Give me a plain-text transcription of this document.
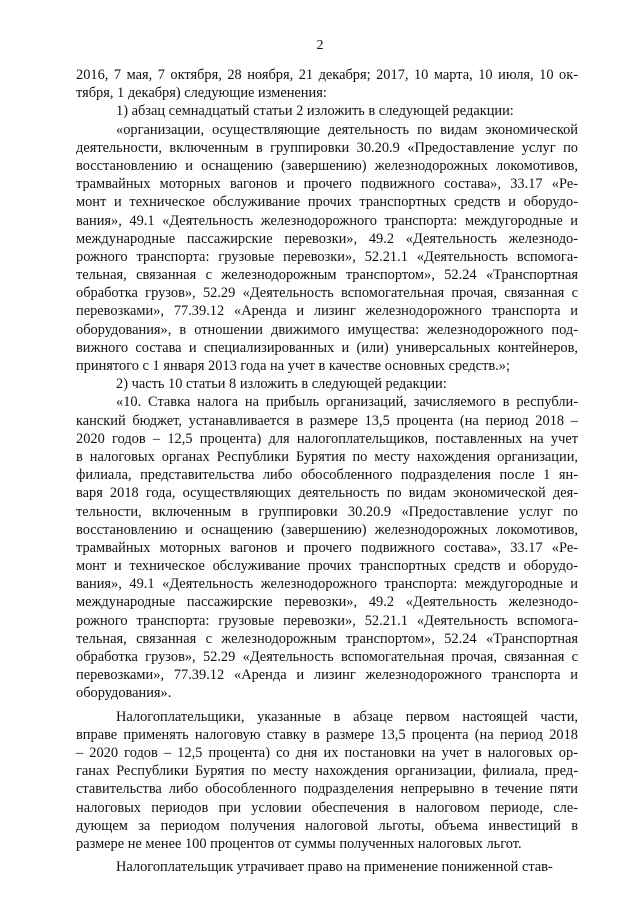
2
2016, 7 мая, 7 октября, 28 ноября, 21 декабря; 2017, 10 марта, 10 июля, 10 ок-
тября, 1 декабря) следующие изменения:
1) абзац семнадцатый статьи 2 изложить в следующей редакции:
«организации, осуществляющие деятельность по видам экономической
деятельности, включенным в группировки 30.20.9 «Предоставление услуг по
восстановлению и оснащению (завершению) железнодорожных локомотивов,
трамвайных моторных вагонов и прочего подвижного состава», 33.17 «Ре-
монт и техническое обслуживание прочих транспортных средств и оборудо-
вания», 49.1 «Деятельность железнодорожного транспорта: междугородные и
международные пассажирские перевозки», 49.2 «Деятельность железнодо-
рожного транспорта: грузовые перевозки», 52.21.1 «Деятельность вспомога-
тельная, связанная с железнодорожным транспортом», 52.24 «Транспортная
обработка грузов», 52.29 «Деятельность вспомогательная прочая, связанная с
перевозками», 77.39.12 «Аренда и лизинг железнодорожного транспорта и
оборудования», в отношении движимого имущества: железнодорожного под-
вижного состава и специализированных и (или) универсальных контейнеров,
принятого с 1 января 2013 года на учет в качестве основных средств.»;
2) часть 10 статьи 8 изложить в следующей редакции:
«10. Ставка налога на прибыль организаций, зачисляемого в республи-
канский бюджет, устанавливается в размере 13,5 процента (на период 2018 –
2020 годов – 12,5 процента) для налогоплательщиков, поставленных на учет
в налоговых органах Республики Бурятия по месту нахождения организации,
филиала, представительства либо обособленного подразделения после 1 ян-
варя 2018 года, осуществляющих деятельность по видам экономической дея-
тельности, включенным в группировки 30.20.9 «Предоставление услуг по
восстановлению и оснащению (завершению) железнодорожных локомотивов,
трамвайных моторных вагонов и прочего подвижного состава», 33.17 «Ре-
монт и техническое обслуживание прочих транспортных средств и оборудо-
вания», 49.1 «Деятельность железнодорожного транспорта: междугородные и
международные пассажирские перевозки», 49.2 «Деятельность железнодо-
рожного транспорта: грузовые перевозки», 52.21.1 «Деятельность вспомога-
тельная, связанная с железнодорожным транспортом», 52.24 «Транспортная
обработка грузов», 52.29 «Деятельность вспомогательная прочая, связанная с
перевозками», 77.39.12 «Аренда и лизинг железнодорожного транспорта и
оборудования».
Налогоплательщики, указанные в абзаце первом настоящей части,
вправе применять налоговую ставку в размере 13,5 процента (на период 2018
– 2020 годов – 12,5 процента) со дня их постановки на учет в налоговых ор-
ганах Республики Бурятия по месту нахождения организации, филиала, пред-
ставительства либо обособленного подразделения непрерывно в течение пяти
налоговых периодов при условии обеспечения в налоговом периоде, сле-
дующем за периодом получения налоговой льготы, объема инвестиций в
размере не менее 100 процентов от суммы полученных налоговых льгот.
Налогоплательщик утрачивает право на применение пониженной став-
